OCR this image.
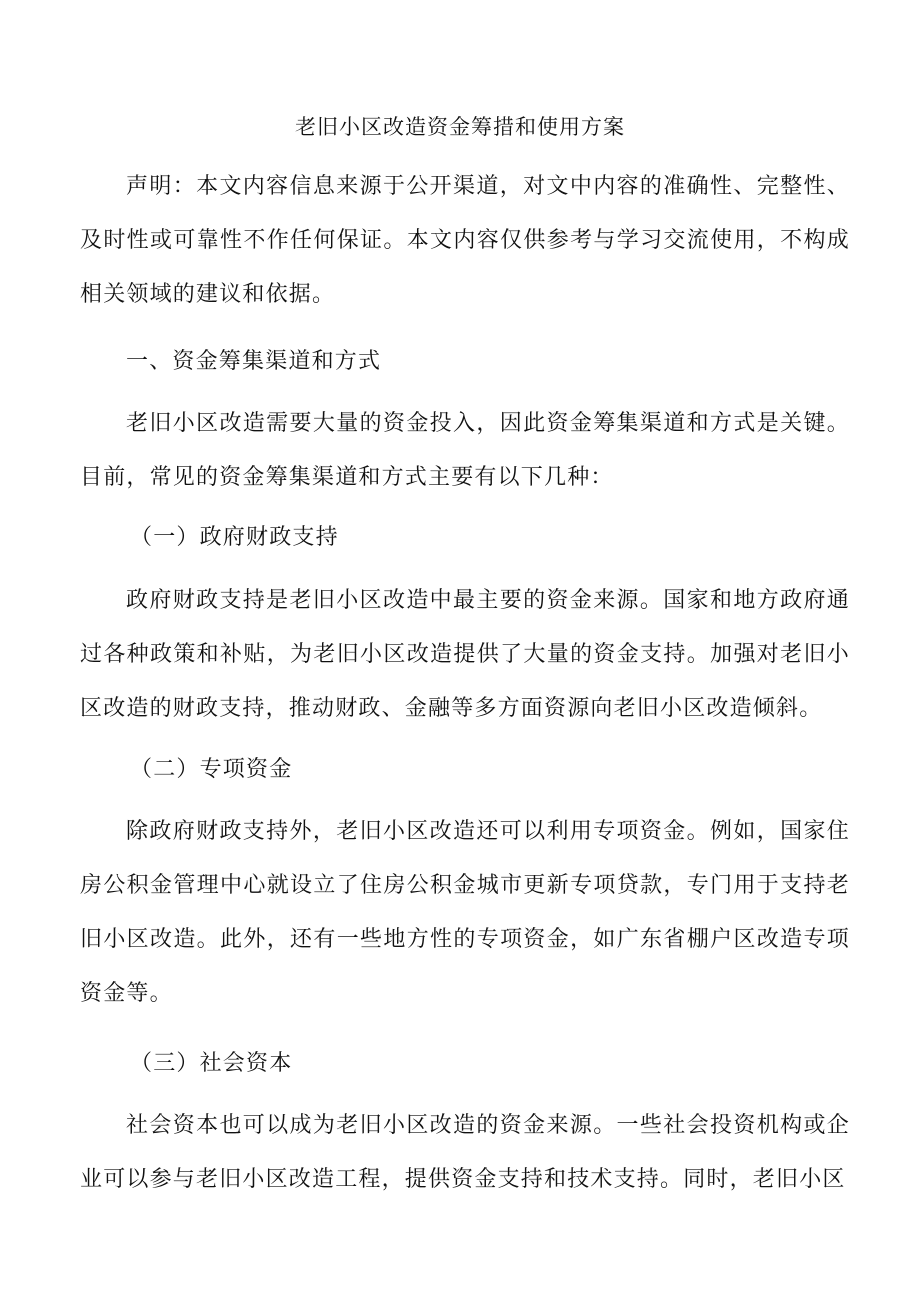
老旧小区改造资金筹措和使用方案

声明：本文内容信息来源于公开渠道，对文中内容的准确性、完整性、及时性或可靠性不作任何保证。本文内容仅供参考与学习交流使用，不构成相关领域的建议和依据。

一、资金筹集渠道和方式

老旧小区改造需要大量的资金投入，因此资金筹集渠道和方式是关键。目前，常见的资金筹集渠道和方式主要有以下几种：

（一）政府财政支持

政府财政支持是老旧小区改造中最主要的资金来源。国家和地方政府通过各种政策和补贴，为老旧小区改造提供了大量的资金支持。加强对老旧小区改造的财政支持，推动财政、金融等多方面资源向老旧小区改造倾斜。

（二）专项资金

除政府财政支持外，老旧小区改造还可以利用专项资金。例如，国家住房公积金管理中心就设立了住房公积金城市更新专项贷款，专门用于支持老旧小区改造。此外，还有一些地方性的专项资金，如广东省棚户区改造专项资金等。

（三）社会资本

社会资本也可以成为老旧小区改造的资金来源。一些社会投资机构或企业可以参与老旧小区改造工程，提供资金支持和技术支持。同时，老旧小区
